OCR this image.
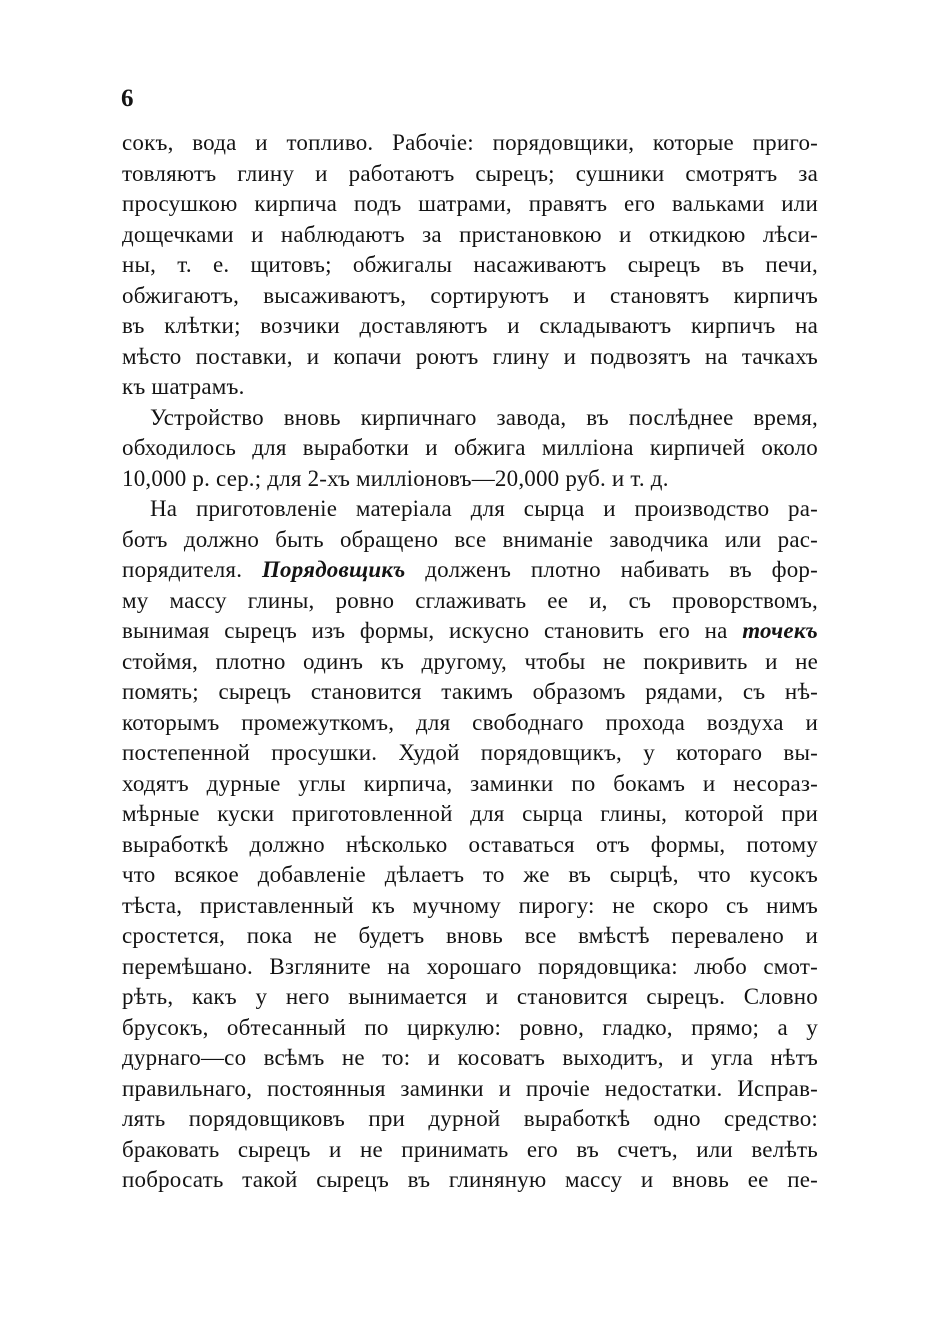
6
сокъ, вода и топливо. Рабочіе: порядовщики, которые приго-
товляютъ глину и работаютъ сырецъ; сушники смотрятъ за
просушкою кирпича подъ шатрами, правятъ его вальками или
дощечками и наблюдаютъ за пристановкою и откидкою лѣси-
ны, т. е. щитовъ; обжигалы насаживаютъ сырецъ въ печи,
обжигаютъ, высаживаютъ, сортируютъ и становятъ кирпичъ
въ клѣтки; возчики доставляютъ и складываютъ кирпичъ на
мѣсто поставки, и копачи роютъ глину и подвозятъ на тачкахъ
къ шатрамъ.
Устройство вновь кирпичнаго завода, въ послѣднее время,
обходилось для выработки и обжига милліона кирпичей около
10,000 р. сер.; для 2-хъ милліоновъ—20,000 руб. и т. д.
На приготовленіе матеріала для сырца и производство ра-
ботъ должно быть обращено все вниманіе заводчика или рас-
порядителя. Порядовщикъ долженъ плотно набивать въ фор-
му массу глины, ровно сглаживать ее и, съ проворствомъ,
вынимая сырецъ изъ формы, искусно становить его на точекъ
стоймя, плотно одинъ къ другому, чтобы не покривить и не
помять; сырецъ становится такимъ образомъ рядами, съ нѣ-
которымъ промежуткомъ, для свободнаго прохода воздуха и
постепенной просушки. Худой порядовщикъ, у котораго вы-
ходятъ дурные углы кирпича, заминки по бокамъ и несораз-
мѣрные куски приготовленной для сырца глины, которой при
выработкѣ должно нѣсколько оставаться отъ формы, потому
что всякое добавленіе дѣлаетъ то же въ сырцѣ, что кусокъ
тѣста, приставленный къ мучному пирогу: не скоро съ нимъ
сростется, пока не будетъ вновь все вмѣстѣ перевалено и
перемѣшано. Взгляните на хорошаго порядовщика: любо смот-
рѣть, какъ у него вынимается и становится сырецъ. Словно
брусокъ, обтесанный по циркулю: ровно, гладко, прямо; а у
дурнаго—со всѣмъ не то: и косоватъ выходитъ, и угла нѣтъ
правильнаго, постоянныя заминки и прочіе недостатки. Исправ-
лять порядовщиковъ при дурной выработкѣ одно средство:
браковать сырецъ и не принимать его въ счетъ, или велѣть
побросать такой сырецъ въ глиняную массу и вновь ее пе-
